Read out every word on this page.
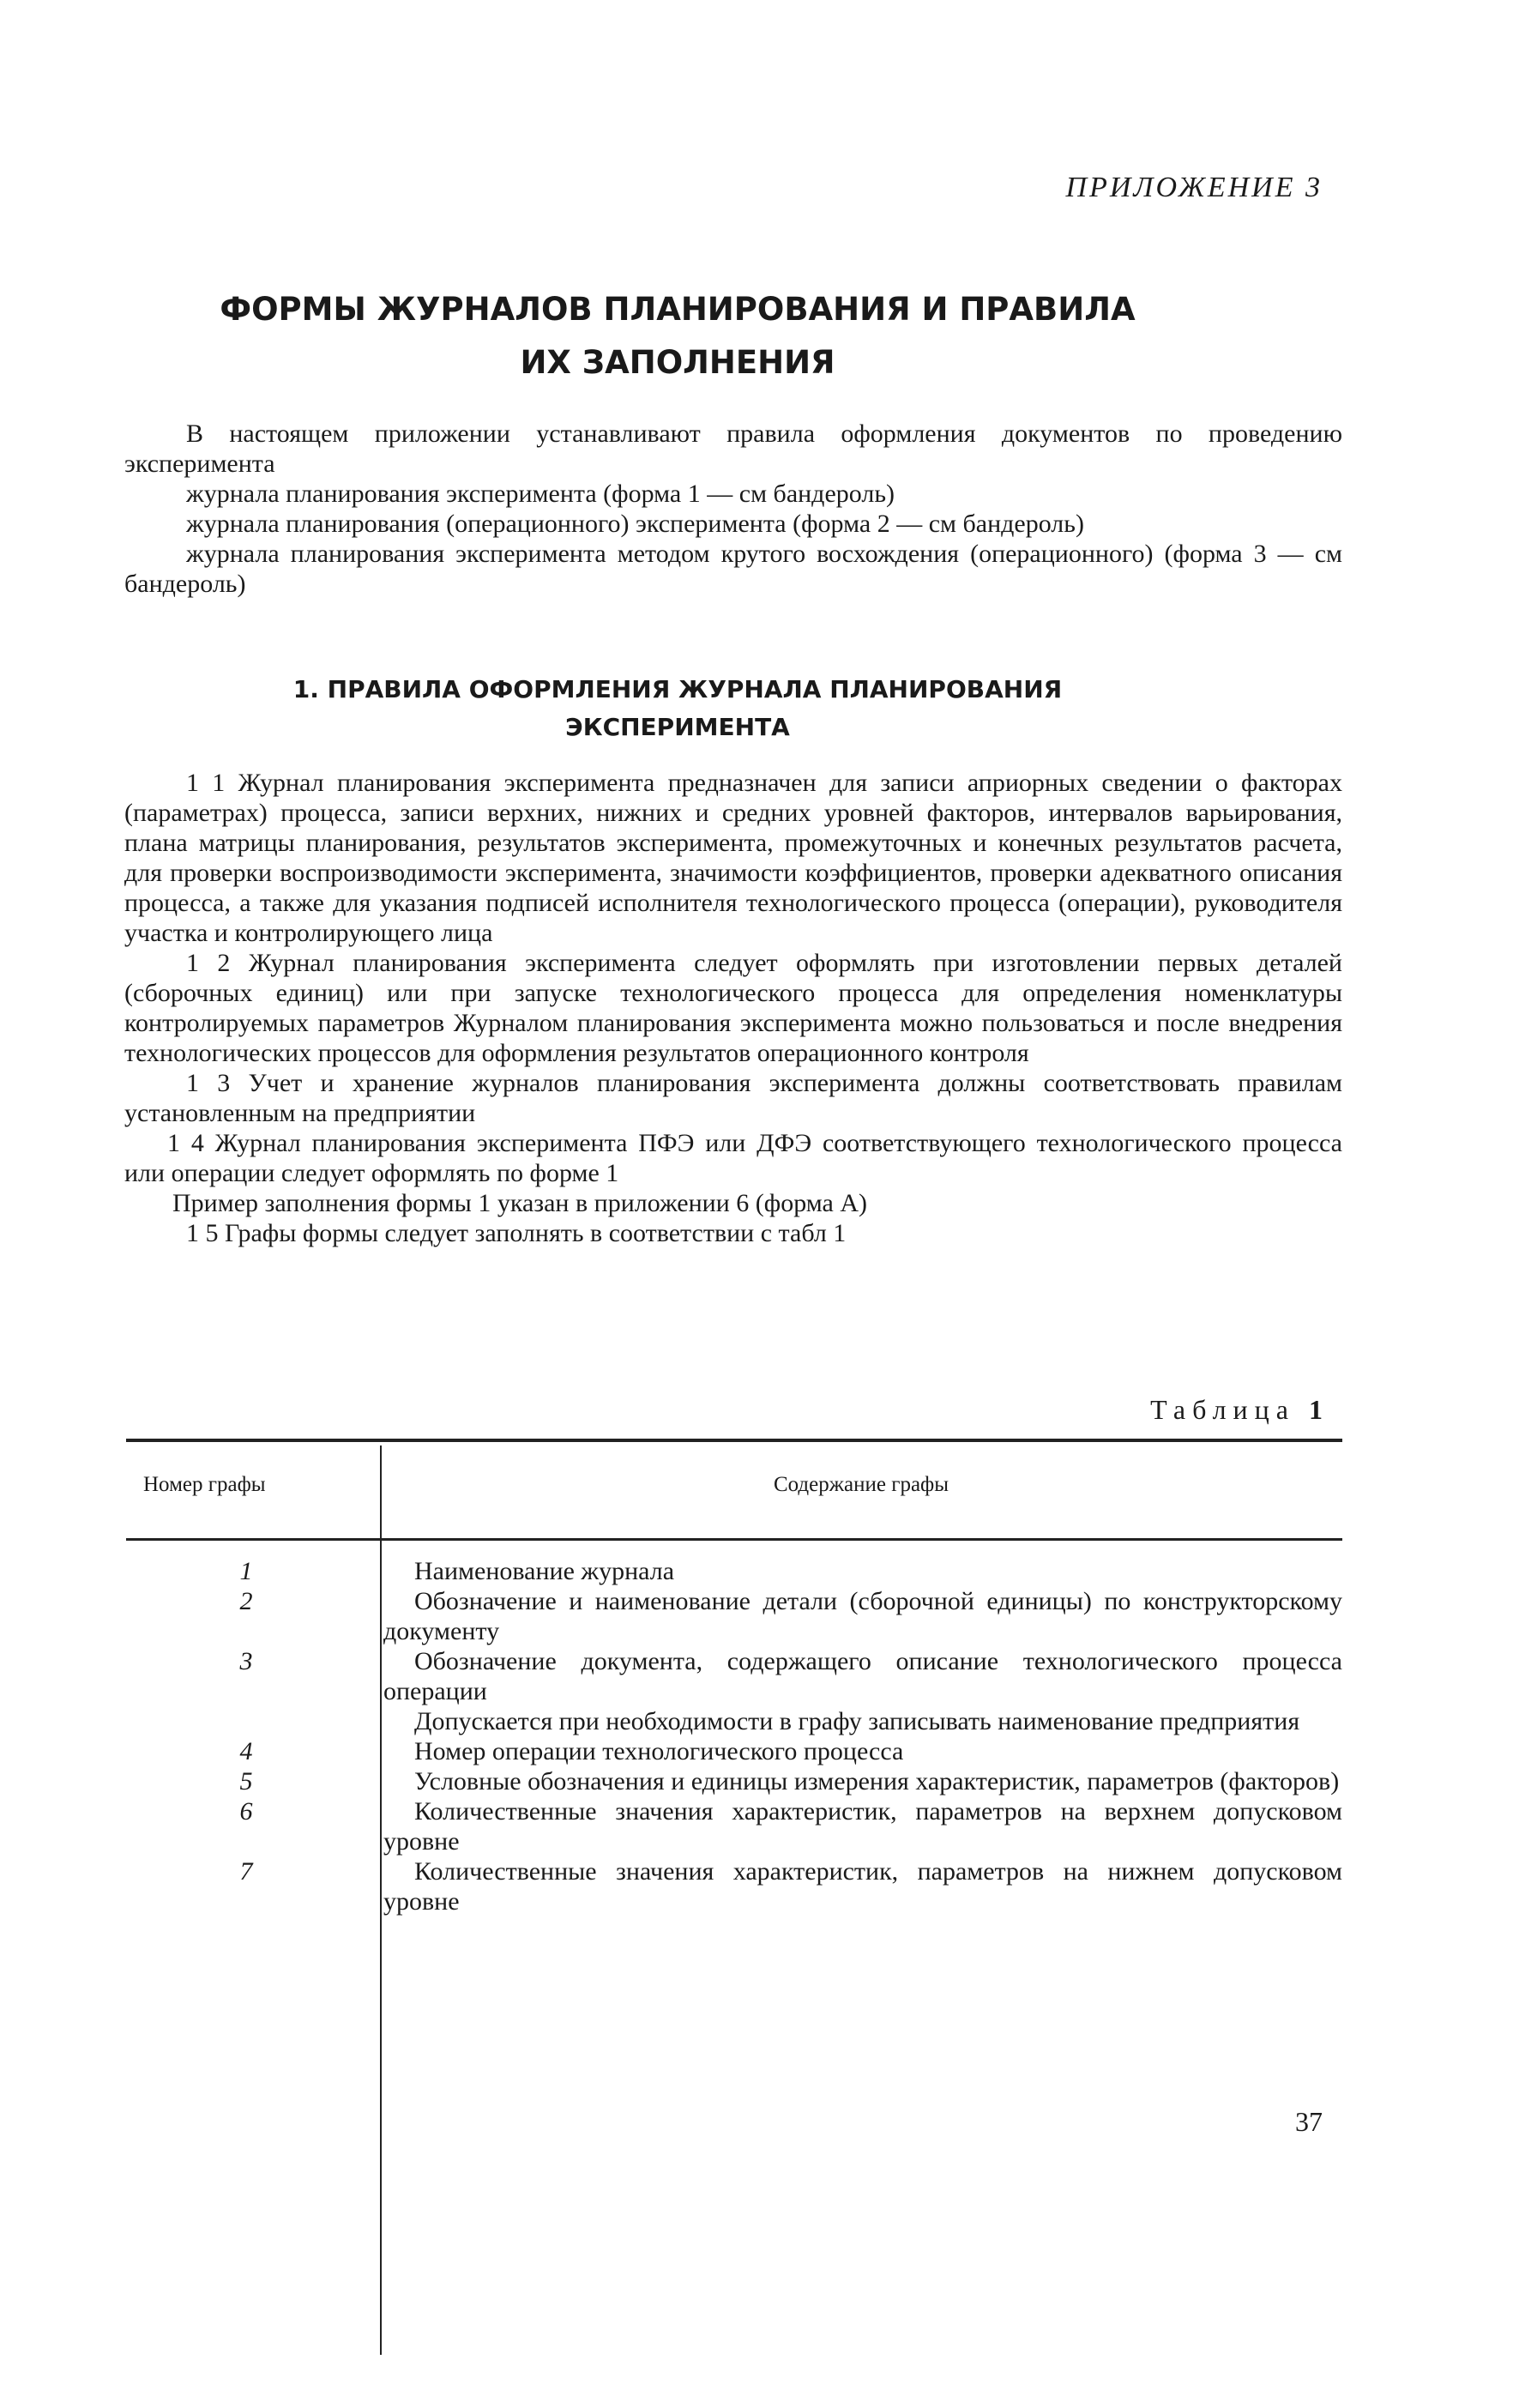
ПРИЛОЖЕНИЕ 3
ФОРМЫ ЖУРНАЛОВ ПЛАНИРОВАНИЯ И ПРАВИЛА
ИХ ЗАПОЛНЕНИЯ

В настоящем приложении устанавливают правила оформления документов по проведению эксперимента

журнала планирования эксперимента (форма 1 — см бандероль)

журнала планирования (операционного) эксперимента (форма 2 — см бандероль)

журнала планирования эксперимента методом крутого восхождения (операционного) (форма 3 — см бандероль)

1. ПРАВИЛА ОФОРМЛЕНИЯ ЖУРНАЛА ПЛАНИРОВАНИЯ
ЭКСПЕРИМЕНТА

1 1 Журнал планирования эксперимента предназначен для записи априорных сведении о факторах (параметрах) процесса, записи верхних, нижних и средних уровней факторов, интервалов варьирования, плана матрицы планирования, результатов эксперимента, промежуточных и конечных результатов расчета, для проверки воспроизводимости эксперимента, значимости коэффициентов, проверки адекватного описания процесса, а также для указания подписей исполнителя технологического процесса (операции), руководителя участка и контролирующего лица

1 2 Журнал планирования эксперимента следует оформлять при изготовлении первых деталей (сборочных единиц) или при запуске технологического процесса для определения номенклатуры контролируемых параметров Журналом планирования эксперимента можно пользоваться и после внедрения технологических процессов для оформления результатов операционного контроля

1 3 Учет и хранение журналов планирования эксперимента должны соответствовать правилам установленным на предприятии

1 4 Журнал планирования эксперимента ПФЭ или ДФЭ соответствующего технологического процесса или операции следует оформлять по форме 1

Пример заполнения формы 1 указан в приложении 6 (форма А)

1 5 Графы формы следует заполнять в соответствии с табл 1

Таблица 1
Номер графы	Содержание графы
1	Наименование журнала

2	Обозначение и наименование детали (сборочной единицы) по конструкторскому документу

3	Обозначение документа, содержащего описание технологического процесса операции

Допускается при необходимости в графу записывать наименование предприятия

4	Номер операции технологического процесса

5	Условные обозначения и единицы измерения характеристик, параметров (факторов)

6	Количественные значения характеристик, параметров на верхнем допусковом уровне

7	Количественные значения характеристик, параметров на нижнем допусковом уровне

37
